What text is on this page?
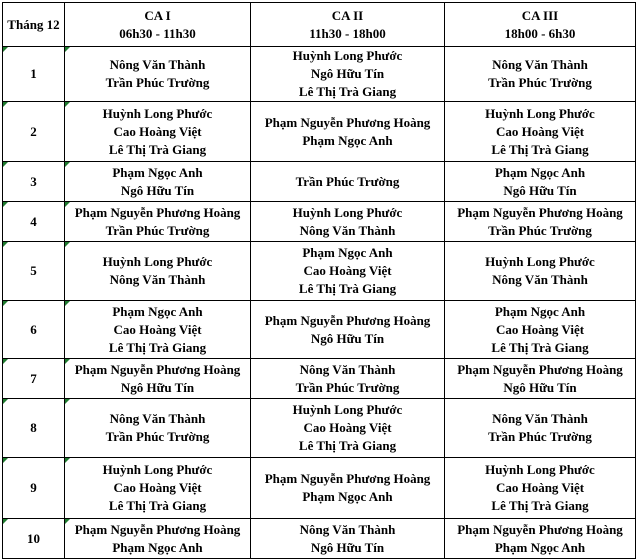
Tháng 12	CA I
06h30 - 11h30	CA II
11h30 - 18h00	CA III
18h00 - 6h30

1	Nông Văn Thành
Trần Phúc Trường	Huỳnh Long Phước
Ngô Hữu Tín
Lê Thị Trà Giang	Nông Văn Thành
Trần Phúc Trường

2	Huỳnh Long Phước
Cao Hoàng Việt
Lê Thị Trà Giang	Phạm Nguyễn Phương Hoàng
Phạm Ngọc Anh	Huỳnh Long Phước
Cao Hoàng Việt
Lê Thị Trà Giang

3	Phạm Ngọc Anh
Ngô Hữu Tín	Trần Phúc Trường	Phạm Ngọc Anh
Ngô Hữu Tín

4	Phạm Nguyễn Phương Hoàng
Trần Phúc Trường	Huỳnh Long Phước
Nông Văn Thành	Phạm Nguyễn Phương Hoàng
Trần Phúc Trường

5	Huỳnh Long Phước
Nông Văn Thành	Phạm Ngọc Anh
Cao Hoàng Việt
Lê Thị Trà Giang	Huỳnh Long Phước
Nông Văn Thành

6	Phạm Ngọc Anh
Cao Hoàng Việt
Lê Thị Trà Giang	Phạm Nguyễn Phương Hoàng
Ngô Hữu Tín	Phạm Ngọc Anh
Cao Hoàng Việt
Lê Thị Trà Giang

7	Phạm Nguyễn Phương Hoàng
Ngô Hữu Tín	Nông Văn Thành
Trần Phúc Trường	Phạm Nguyễn Phương Hoàng
Ngô Hữu Tín

8	Nông Văn Thành
Trần Phúc Trường	Huỳnh Long Phước
Cao Hoàng Việt
Lê Thị Trà Giang	Nông Văn Thành
Trần Phúc Trường

9	Huỳnh Long Phước
Cao Hoàng Việt
Lê Thị Trà Giang	Phạm Nguyễn Phương Hoàng
Phạm Ngọc Anh	Huỳnh Long Phước
Cao Hoàng Việt
Lê Thị Trà Giang

10	Phạm Nguyễn Phương Hoàng
Phạm Ngọc Anh	Nông Văn Thành
Ngô Hữu Tín	Phạm Nguyễn Phương Hoàng
Phạm Ngọc Anh
